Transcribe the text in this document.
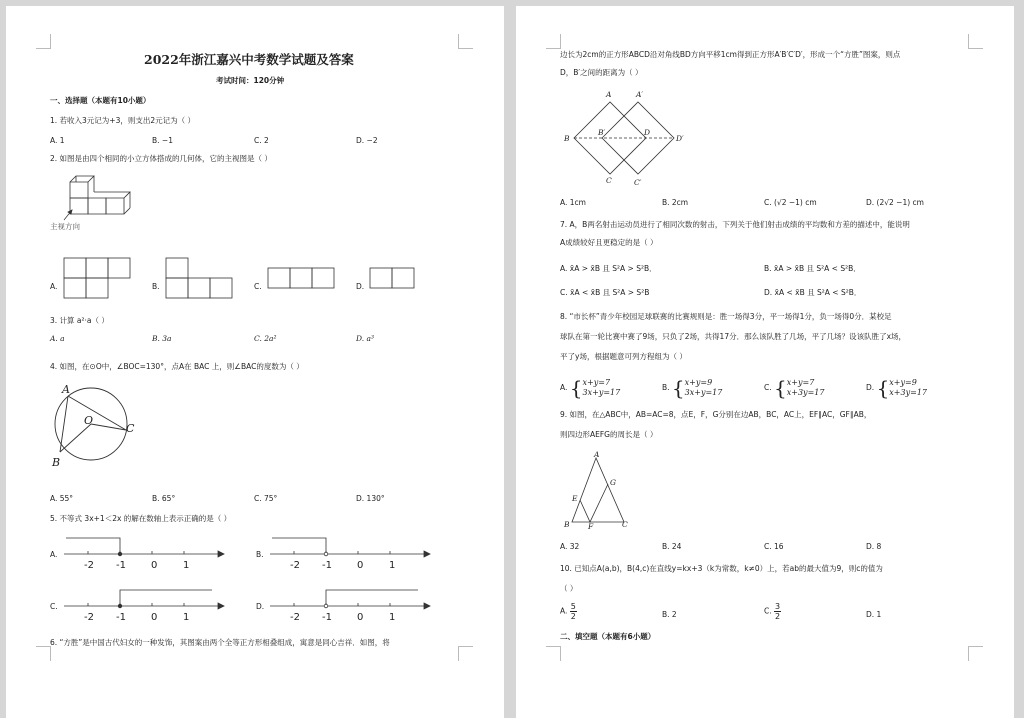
2022年浙江嘉兴中考数学试题及答案
考试时间：120分钟
一、选择题（本题有10小题）
1. 若收入3元记为+3，则支出2元记为（ ）
A. 1	B. −1	C. 2	D. −2
2. 如图是由四个相同的小立方体搭成的几何体，它的主视图是（ ）
主视方向
A.	B.	C.	D.
3. 计算 a²·a（ ）
A. a	B. 3a	C. 2a²	D. a³
4. 如图，在⊙O中，∠BOC=130°，点A在 BAC 上，则∠BAC的度数为（ ）
A
O
C
B
A. 55°	B. 65°	C. 75°	D. 130°
5. 不等式 3x+1＜2x 的解在数轴上表示正确的是（ ）
A.
-2 -1	0	1
B.
-2 -1	0	1
C.
-2 -1	0	1
D.
-2 -1	0	1
6. “方胜”是中国古代妇女的一种发饰，其图案由两个全等正方形相叠组成，寓意是同心吉祥．如图，将
边长为2cm的正方形ABCD沿对角线BD方向平移1cm得到正方形A′B′C′D′，形成一个“方胜”图案，则点
D，B′之间的距离为（ ）
A	A′
B
B′	D
D′
C	C′
A. 1cm	B. 2cm	C. (√2 −1) cm	D. (2√2 −1) cm
7. A，B两名射击运动员进行了相同次数的射击，下列关于他们射击成绩的平均数和方差的描述中，能说明
A成绩较好且更稳定的是（ ）
A. x̄A > x̄B 且 S²A > S²B．	B. x̄A > x̄B 且 S²A < S²B．
C. x̄A < x̄B 且 S²A > S²B	D. x̄A < x̄B 且 S²A < S²B．
8. “市长杯”青少年校园足球联赛的比赛规则是：胜一场得3分，平一场得1分，负一场得0分．某校足
球队在第一轮比赛中赛了9场，只负了2场，共得17分．那么该队胜了几场，平了几场？设该队胜了x场，
平了y场，根据题意可列方程组为（ ）
A. { x+y=7
3x+y=17
B. { x+y=9
3x+y=17
C. { x+y=7
x+3y=17
D. { x+y=9
x+3y=17
9. 如图，在△ABC中，AB=AC=8，点E，F，G分别在边AB，BC，AC上，EF∥AC，GF∥AB，
则四边形AEFG的周长是（ ）
A
E
G
B F	C
A. 32	B. 24	C. 16	D. 8
10. 已知点A(a,b)，B(4,c)在直线y=kx+3（k为常数，k≠0）上，若ab的最大值为9，则c的值为
（ ）
A. $\frac{5}{2}$	B. 2	C. $\frac{3}{2}$	D. 1
二、填空题（本题有6小题）
